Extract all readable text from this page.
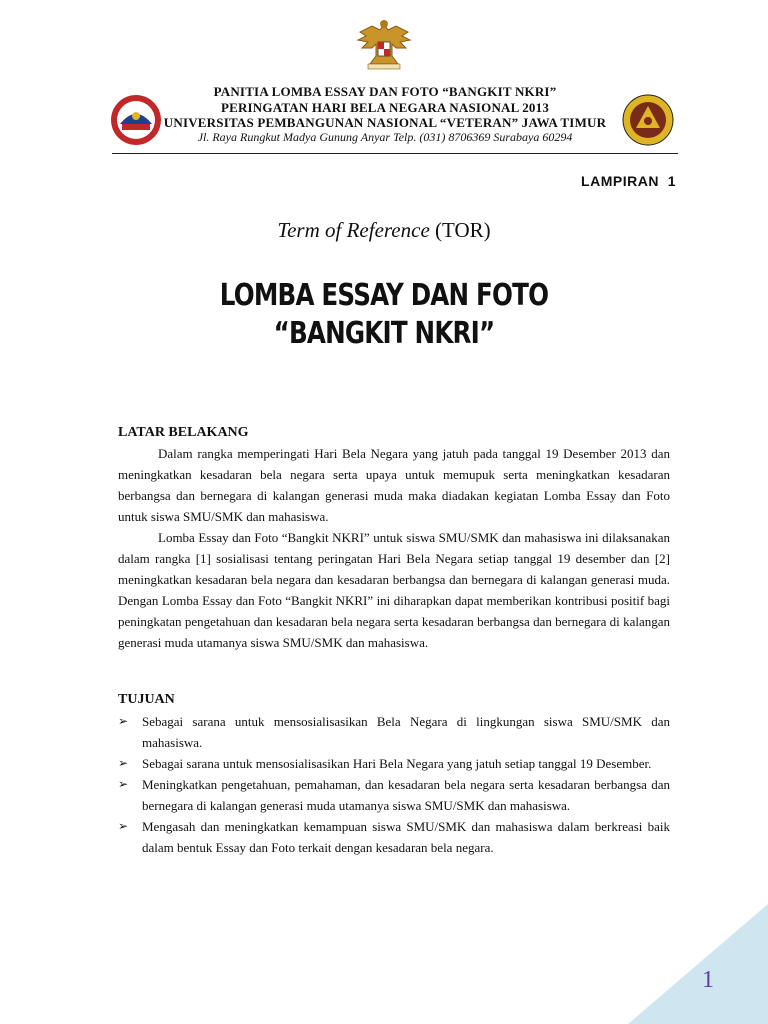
PANITIA LOMBA ESSAY DAN FOTO “BANGKIT NKRI”
PERINGATAN HARI BELA NEGARA NASIONAL 2013
UNIVERSITAS PEMBANGUNAN NASIONAL “VETERAN” JAWA TIMUR
Jl. Raya Rungkut Madya Gunung Anyar Telp. (031) 8706369 Surabaya 60294
LAMPIRAN  1
Term of Reference (TOR)
LOMBA ESSAY DAN FOTO
“BANGKIT NKRI”
LATAR BELAKANG

Dalam rangka memperingati Hari Bela Negara yang jatuh pada tanggal 19 Desember 2013 dan meningkatkan kesadaran bela negara serta upaya untuk memupuk serta meningkatkan kesadaran berbangsa dan bernegara di kalangan generasi muda maka diadakan kegiatan Lomba Essay dan Foto untuk siswa SMU/SMK dan mahasiswa.

Lomba Essay dan Foto “Bangkit NKRI” untuk siswa SMU/SMK dan mahasiswa ini dilaksanakan dalam rangka [1] sosialisasi tentang peringatan Hari Bela Negara setiap tanggal 19 desember dan [2] meningkatkan kesadaran bela negara dan kesadaran berbangsa dan bernegara di kalangan generasi muda. Dengan Lomba Essay dan Foto “Bangkit NKRI” ini diharapkan dapat memberikan kontribusi positif bagi peningkatan pengetahuan dan kesadaran bela negara serta kesadaran berbangsa dan bernegara di kalangan generasi muda utamanya siswa SMU/SMK dan mahasiswa.

TUJUAN
➢ Sebagai sarana untuk mensosialisasikan Bela Negara di lingkungan siswa SMU/SMK dan mahasiswa.
➢ Sebagai sarana untuk mensosialisasikan Hari Bela Negara yang jatuh setiap tanggal 19 Desember.
➢ Meningkatkan pengetahuan, pemahaman, dan kesadaran bela negara serta kesadaran berbangsa dan bernegara di kalangan generasi muda utamanya siswa SMU/SMK dan mahasiswa.
➢ Mengasah dan meningkatkan kemampuan siswa SMU/SMK dan mahasiswa dalam berkreasi baik dalam bentuk Essay dan Foto terkait dengan kesadaran bela negara.
1
